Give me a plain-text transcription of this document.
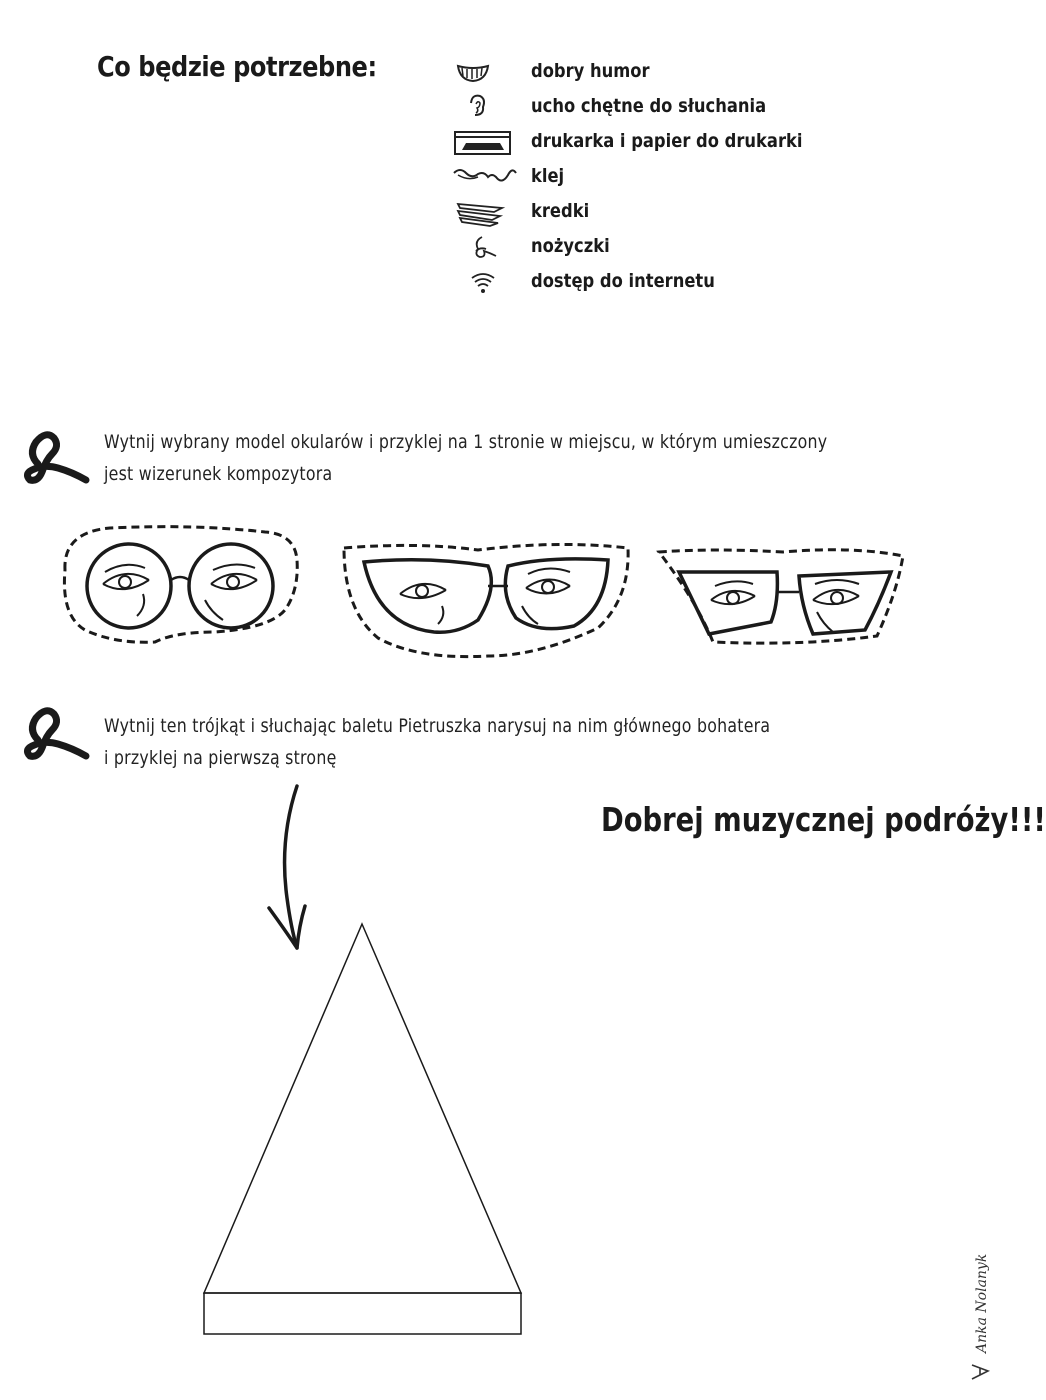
Co będzie potrzebne:	dobry humor
ucho chętne do słuchania
drukarka i papier do drukarki
klej
kredki
nożyczki
dostęp do internetu
Wytnij wybrany model okularów i przyklej na 1 stronie w miejscu, w którym umieszczony
jest wizerunek kompozytora
Wytnij ten trójkąt i słuchając baletu Pietruszka narysuj na nim głównego bohatera
i przyklej na pierwszą stronę
Dobrej muzycznej podróży!!!
Anka Nolanyk
